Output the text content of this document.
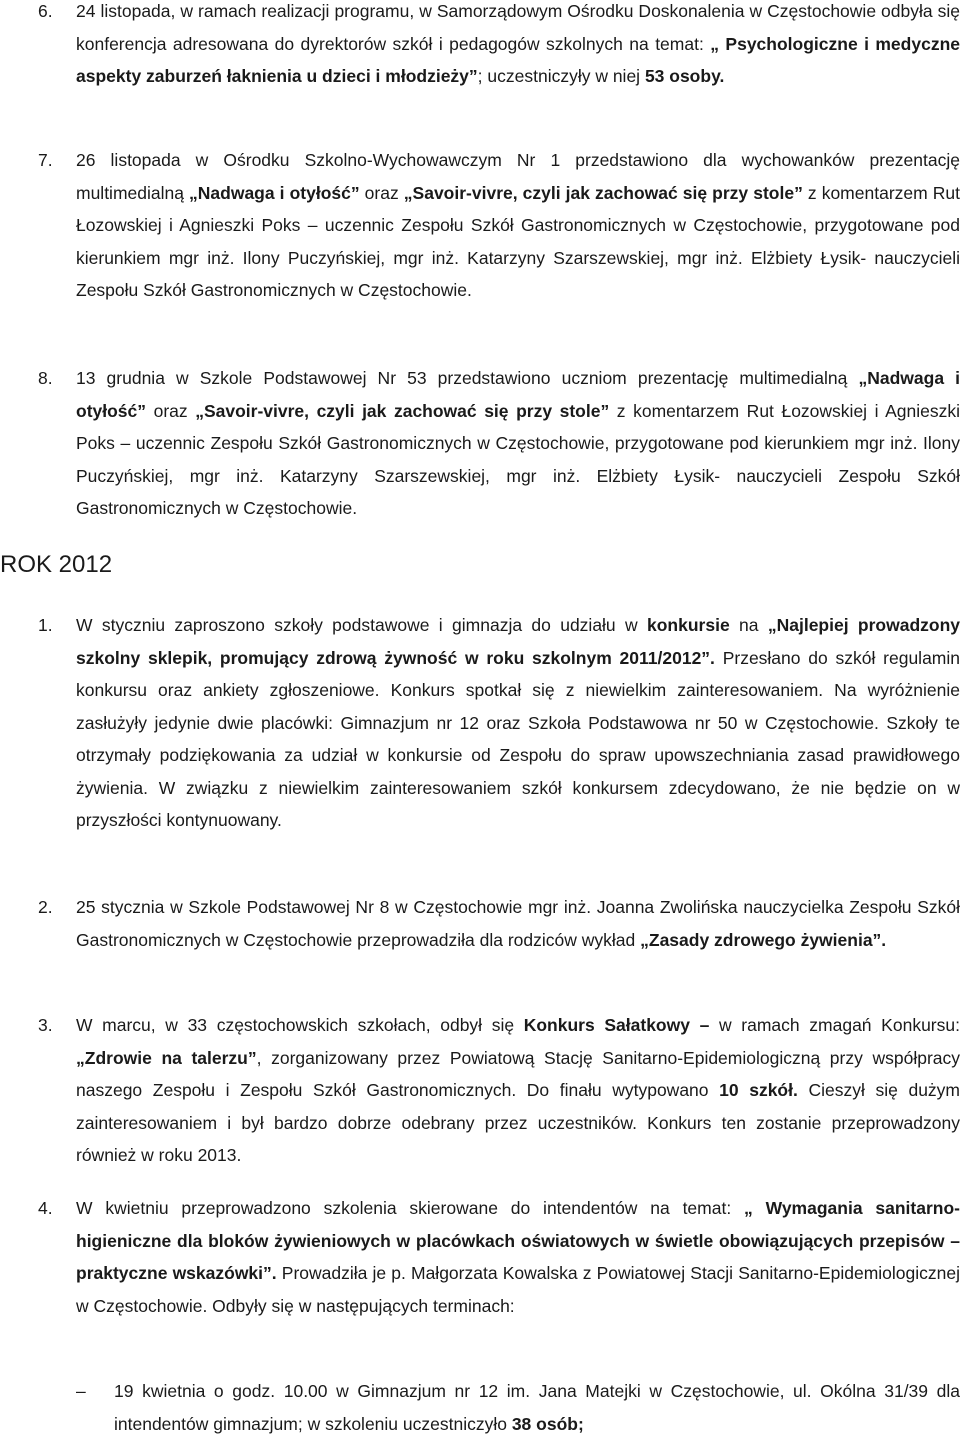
6. 24 listopada, w ramach realizacji programu, w Samorządowym Ośrodku Doskonalenia w Częstochowie odbyła się konferencja adresowana do dyrektorów szkół i pedagogów szkolnych na temat: „ Psychologiczne i medyczne aspekty zaburzeń łaknienia u dzieci i młodzieży”; uczestniczyły w niej 53 osoby.
7. 26 listopada w Ośrodku Szkolno-Wychowawczym Nr 1 przedstawiono dla wychowanków prezentację multimedialną „Nadwaga i otyłość” oraz „Savoir-vivre, czyli jak zachować się przy stole” z komentarzem Rut Łozowskiej i Agnieszki Poks – uczennic Zespołu Szkół Gastronomicznych w Częstochowie, przygotowane pod kierunkiem mgr inż. Ilony Puczyńskiej, mgr inż. Katarzyny Szarszewskiej, mgr inż. Elżbiety Łysik- nauczycieli Zespołu Szkół Gastronomicznych w Częstochowie.
8. 13 grudnia w Szkole Podstawowej Nr 53 przedstawiono uczniom prezentację multimedialną „Nadwaga i otyłość” oraz „Savoir-vivre, czyli jak zachować się przy stole” z komentarzem Rut Łozowskiej i Agnieszki Poks – uczennic Zespołu Szkół Gastronomicznych w Częstochowie, przygotowane pod kierunkiem mgr inż. Ilony Puczyńskiej, mgr inż. Katarzyny Szarszewskiej, mgr inż. Elżbiety Łysik- nauczycieli Zespołu Szkół Gastronomicznych w Częstochowie.
ROK 2012
1. W styczniu zaproszono szkoły podstawowe i gimnazja do udziału w konkursie na „Najlepiej prowadzony szkolny sklepik, promujący zdrową żywność w roku szkolnym 2011/2012”. Przesłano do szkół regulamin konkursu oraz ankiety zgłoszeniowe. Konkurs spotkał się z niewielkim zainteresowaniem. Na wyróżnienie zasłużyły jedynie dwie placówki: Gimnazjum nr 12 oraz Szkoła Podstawowa nr 50 w Częstochowie. Szkoły te otrzymały podziękowania za udział w konkursie od Zespołu do spraw upowszechniania zasad prawidłowego żywienia. W związku z niewielkim zainteresowaniem szkół konkursem zdecydowano, że nie będzie on w przyszłości kontynuowany.
2. 25 stycznia w Szkole Podstawowej Nr 8 w Częstochowie mgr inż. Joanna Zwolińska nauczycielka Zespołu Szkół Gastronomicznych w Częstochowie przeprowadziła dla rodziców wykład „Zasady zdrowego żywienia”.
3. W marcu, w 33 częstochowskich szkołach, odbył się Konkurs Sałatkowy – w ramach zmagań Konkursu: „Zdrowie na talerzu”, zorganizowany przez Powiatową Stację Sanitarno-Epidemiologiczną przy współpracy naszego Zespołu i Zespołu Szkół Gastronomicznych. Do finału wytypowano 10 szkół. Cieszył się dużym zainteresowaniem i był bardzo dobrze odebrany przez uczestników. Konkurs ten zostanie przeprowadzony również w roku 2013.
4. W kwietniu przeprowadzono szkolenia skierowane do intendentów na temat: „ Wymagania sanitarno-higieniczne dla bloków żywieniowych w placówkach oświatowych w świetle obowiązujących przepisów – praktyczne wskazówki”. Prowadziła je p. Małgorzata Kowalska z Powiatowej Stacji Sanitarno-Epidemiologicznej w Częstochowie. Odbyły się w następujących terminach:
– 19 kwietnia o godz. 10.00 w Gimnazjum nr 12 im. Jana Matejki w Częstochowie, ul. Okólna 31/39 dla intendentów gimnazjum; w szkoleniu uczestniczyło 38 osób;
